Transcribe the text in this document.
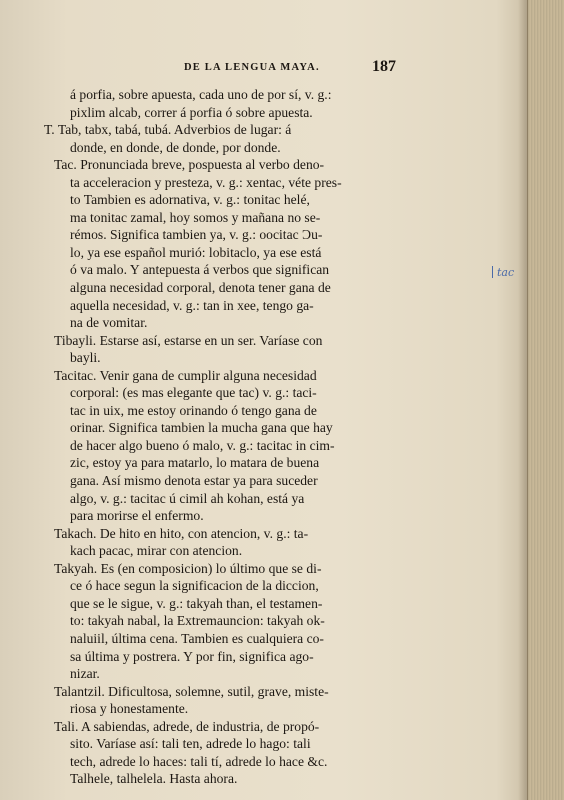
DE LA LENGUA MAYA.	187
á porfia, sobre apuesta, cada uno de por sí, v. g.:
pixlim alcab, correr á porfia ó sobre apuesta.
T. Tab, tabx, tabá, tubá. Adverbios de lugar: á
donde, en donde, de donde, por donde.
Tac. Pronunciada breve, pospuesta al verbo deno-
ta acceleracion y presteza, v. g.: xentac, véte pres-
to Tambien es adornativa, v. g.: tonitac helé,
ma tonitac zamal, hoy somos y mañana no se-
rémos. Significa tambien ya, v. g.: oocitac Ɔu-
lo, ya ese español murió: lobitaclo, ya ese está
ó va malo. Y antepuesta á verbos que significan
alguna necesidad corporal, denota tener gana de
aquella necesidad, v. g.: tan in xee, tengo ga-
na de vomitar.
Tibayli. Estarse así, estarse en un ser. Varíase con
bayli.
Tacitac. Venir gana de cumplir alguna necesidad
corporal: (es mas elegante que tac) v. g.: taci-
tac in uix, me estoy orinando ó tengo gana de
orinar. Significa tambien la mucha gana que hay
de hacer algo bueno ó malo, v. g.: tacitac in cim-
zic, estoy ya para matarlo, lo matara de buena
gana. Así mismo denota estar ya para suceder
algo, v. g.: tacitac ú cimil ah kohan, está ya
para morirse el enfermo.
Takach. De hito en hito, con atencion, v. g.: ta-
kach pacac, mirar con atencion.
Takyah. Es (en composicion) lo último que se di-
ce ó hace segun la significacion de la diccion,
que se le sigue, v. g.: takyah than, el testamen-
to: takyah nabal, la Extremauncion: takyah ok-
naluiil, última cena. Tambien es cualquiera co-
sa última y postrera. Y por fin, significa ago-
nizar.
Talantzil. Dificultosa, solemne, sutil, grave, miste-
riosa y honestamente.
Tali. A sabiendas, adrede, de industria, de propó-
sito. Varíase así: tali ten, adrede lo hago: tali
tech, adrede lo haces: tali tí, adrede lo hace &c.
Talhele, talhelela. Hasta ahora.
tac
